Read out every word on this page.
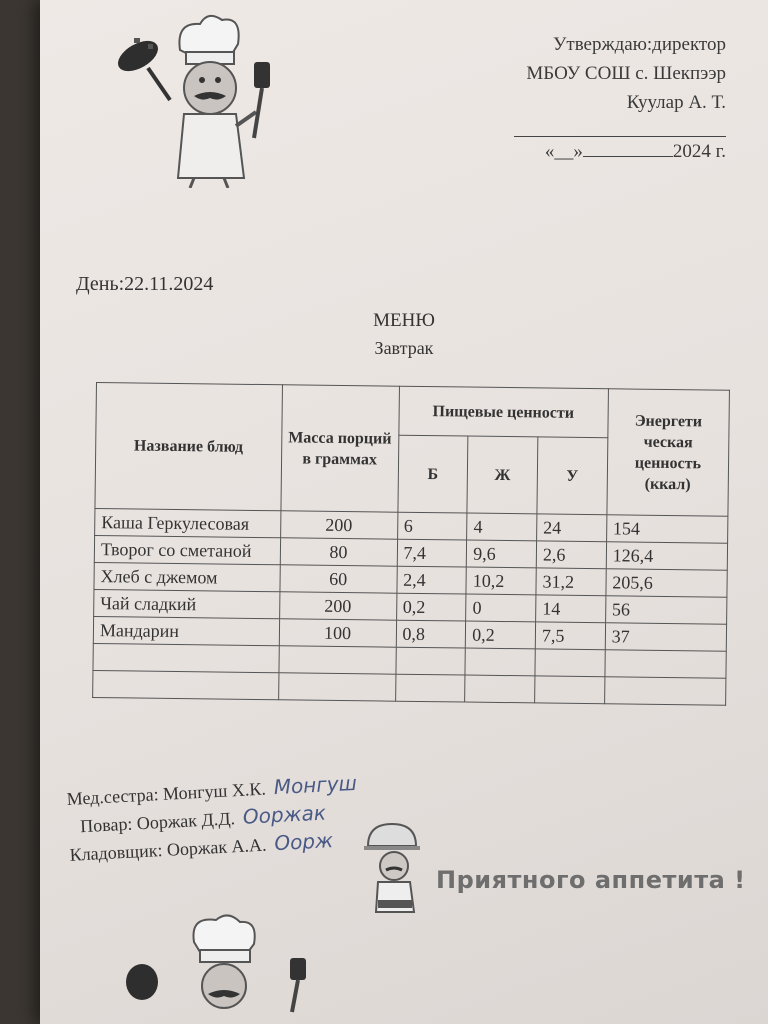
Утверждаю:директор
МБОУ СОШ с. Шекпээр
Куулар А. Т.
«__»	2024 г.
День:22.11.2024
МЕНЮ
Завтрак
Название блюд	Масса порций в граммах	Пищевые ценности			Энергети ческая ценность (ккал)
		Б	Ж	У	
Каша Геркулесовая	200	6	4	24	154
Творог со сметаной	80	7,4	9,6	2,6	126,4
Хлеб с джемом	60	2,4	10,2	31,2	205,6
Чай сладкий	200	0,2	0	14	56
Мандарин	100	0,8	0,2	7,5	37

Мед.сестра: Монгуш Х.К. Монгуш
Повар: Ооржак Д.Д. Ооржак
Кладовщик: Ооржак А.А. Оорж
Приятного аппетита !
